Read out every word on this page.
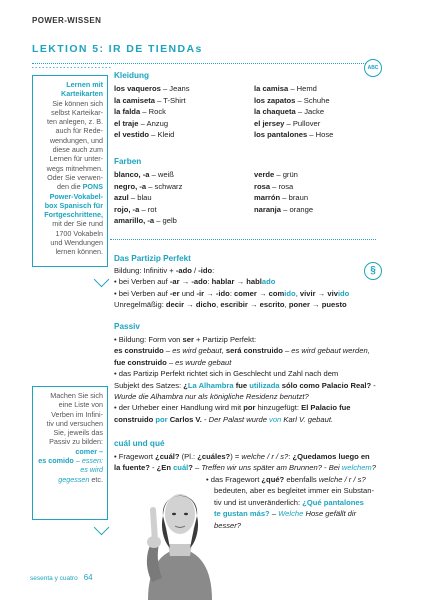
POWER-WISSEN
LEKTION 5: IR DE TIENDAs
ABC
§
Lernen mit
Karteikarten
Sie können sich
selbst Karteikar-
ten anlegen, z. B.
auch für Rede-
wendungen, und
diese auch zum
Lernen für unter-
wegs mitnehmen.
Oder Sie verwen-
den die PONS
Power-Vokabel-
box Spanisch für
Fortgeschrittene,
mit der Sie rund
1700 Vokabeln
und Wendungen
lernen können.
Machen Sie sich
eine Liste von
Verben im Infini-
tiv und versuchen
Sie, jeweils das
Passiv zu bilden:
comer –
es comido – essen:
es wird
gegessen etc.
Kleidung
los vaqueros – Jeans
la camiseta – T-Shirt
la falda – Rock
el traje – Anzug
el vestido – Kleid
la camisa – Hemd
los zapatos – Schuhe
la chaqueta – Jacke
el jersey – Pullover
los pantalones – Hose
Farben
blanco, -a – weiß
negro, -a – schwarz
azul – blau
rojo, -a – rot
amarillo, -a – gelb
verde – grün
rosa – rosa
marrón – braun
naranja – orange
Das Partizip Perfekt
Bildung: Infinitiv + -ado / -ido:
• bei Verben auf -ar → -ado: hablar → hablado
• bei Verben auf -er und -ir → -ido: comer → comido, vivir → vivido
Unregelmäßig: decir → dicho, escribir → escrito, poner → puesto
Passiv
• Bildung: Form von ser + Partizip Perfekt:
es construido – es wird gebaut, será construido – es wird gebaut werden,
fue construido – es wurde gebaut
• das Partizip Perfekt richtet sich in Geschlecht und Zahl nach dem
Subjekt des Satzes: ¿La Alhambra fue utilizada sólo como Palacio Real? -
Wurde die Alhambra nur als königliche Residenz benutzt?
• der Urheber einer Handlung wird mit por hinzugefügt: El Palacio fue
construido por Carlos V. - Der Palast wurde von Karl V. gebaut.
cuál und qué
• Fragewort ¿cuál? (Pl.: ¿cuáles?) = welche / r / s?: ¿Quedamos luego en
la fuente? - ¿En cuál? – Treffen wir uns später am Brunnen? - Bei welchem?
• das Fragewort ¿qué? ebenfalls welche / r / s?
bedeuten, aber es begleitet immer ein Substan-
tiv und ist unveränderlich: ¿Qué pantalones
te gustan más? – Welche Hose gefällt dir
besser?
sesenta y cuatro 64
